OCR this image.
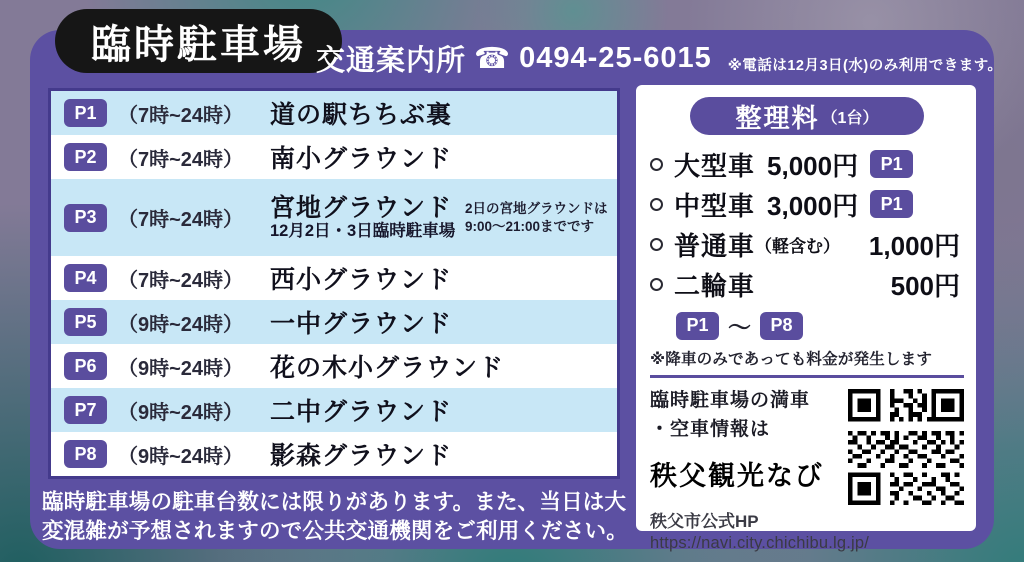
臨時駐車場 交通案内所 ☎ 0494-25-6015 ※電話は12月3日(水)のみ利用できます。
P1	（7時~24時）	道の駅ちちぶ裏
P2	（7時~24時）	南小グラウンド
P3	（7時~24時）	宮地グラウンド
12月2日・3日臨時駐車場
2日の宮地グラウンドは9:00～21:00までです
P4	（7時~24時）	西小グラウンド
P5	（9時~24時）	一中グラウンド
P6	（9時~24時）	花の木小グラウンド
P7	（9時~24時）	二中グラウンド
P8	（9時~24時）	影森グラウンド
臨時駐車場の駐車台数には限りがあります。また、当日は大変混雑が予想されますので公共交通機関をご利用ください。
整理料 （1台）
大型車 5,000円	P1
中型車 3,000円	P1
普通車 （軽含む） 1,000円
二輪車	500円
P1 ～	P8
※降車のみであっても料金が発生します
臨時駐車場の満車
・空車情報は
秩父観光なび
秩父市公式HP
https://navi.city.chichibu.lg.jp/
